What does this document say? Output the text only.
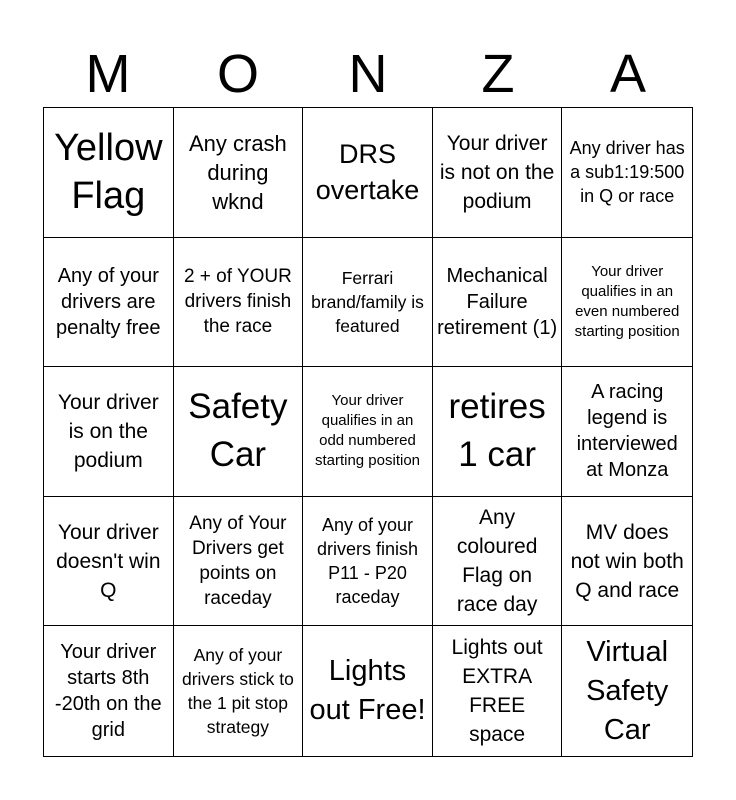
M	O	N	Z	A
Yellow Flag
Any crash during wknd
DRS overtake
Your driver is not on the podium
Any driver has a sub1:19:500 in Q or race
Any of your drivers are penalty free
2 + of YOUR drivers finish the race
Ferrari brand/family is featured
Mechanical Failure retirement (1)
Your driver qualifies in an even numbered starting position
Your driver is on the podium
Safety Car
Your driver qualifies in an odd numbered starting position
retires 1 car
A racing legend is interviewed at Monza
Your driver doesn't win Q
Any of Your Drivers get points on raceday
Any of your drivers finish P11 - P20 raceday
Any coloured Flag on race day
MV does not win both Q and race
Your driver starts 8th -20th on the grid
Any of your drivers stick to the 1 pit stop strategy
Lights out Free!
Lights out EXTRA FREE space
Virtual Safety Car
